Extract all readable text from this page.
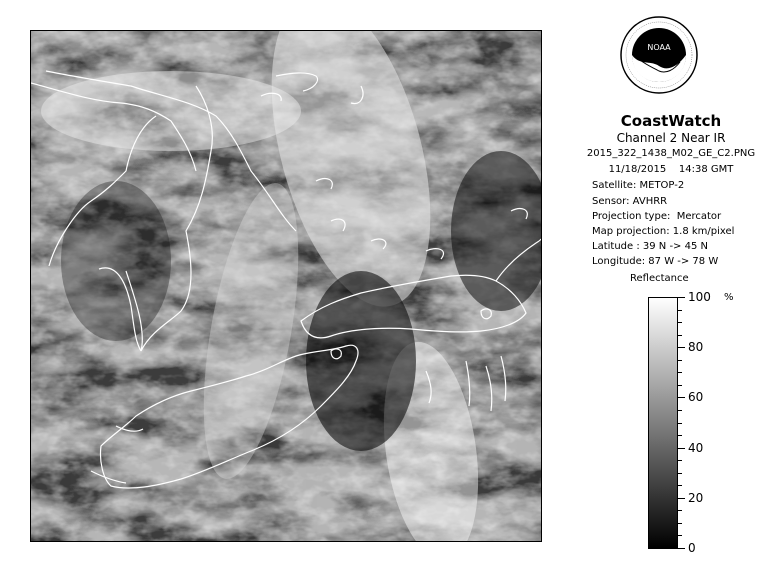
NOAA
CoastWatch
Channel 2 Near IR
2015_322_1438_M02_GE_C2.PNG
11/18/2015    14:38 GMT
Satellite: METOP-2
Sensor: AVHRR
Projection type:  Mercator
Map projection: 1.8 km/pixel
Latitude : 39 N -> 45 N
Longitude: 87 W -> 78 W
Reflectance
%
100
80
60
40
20
0
